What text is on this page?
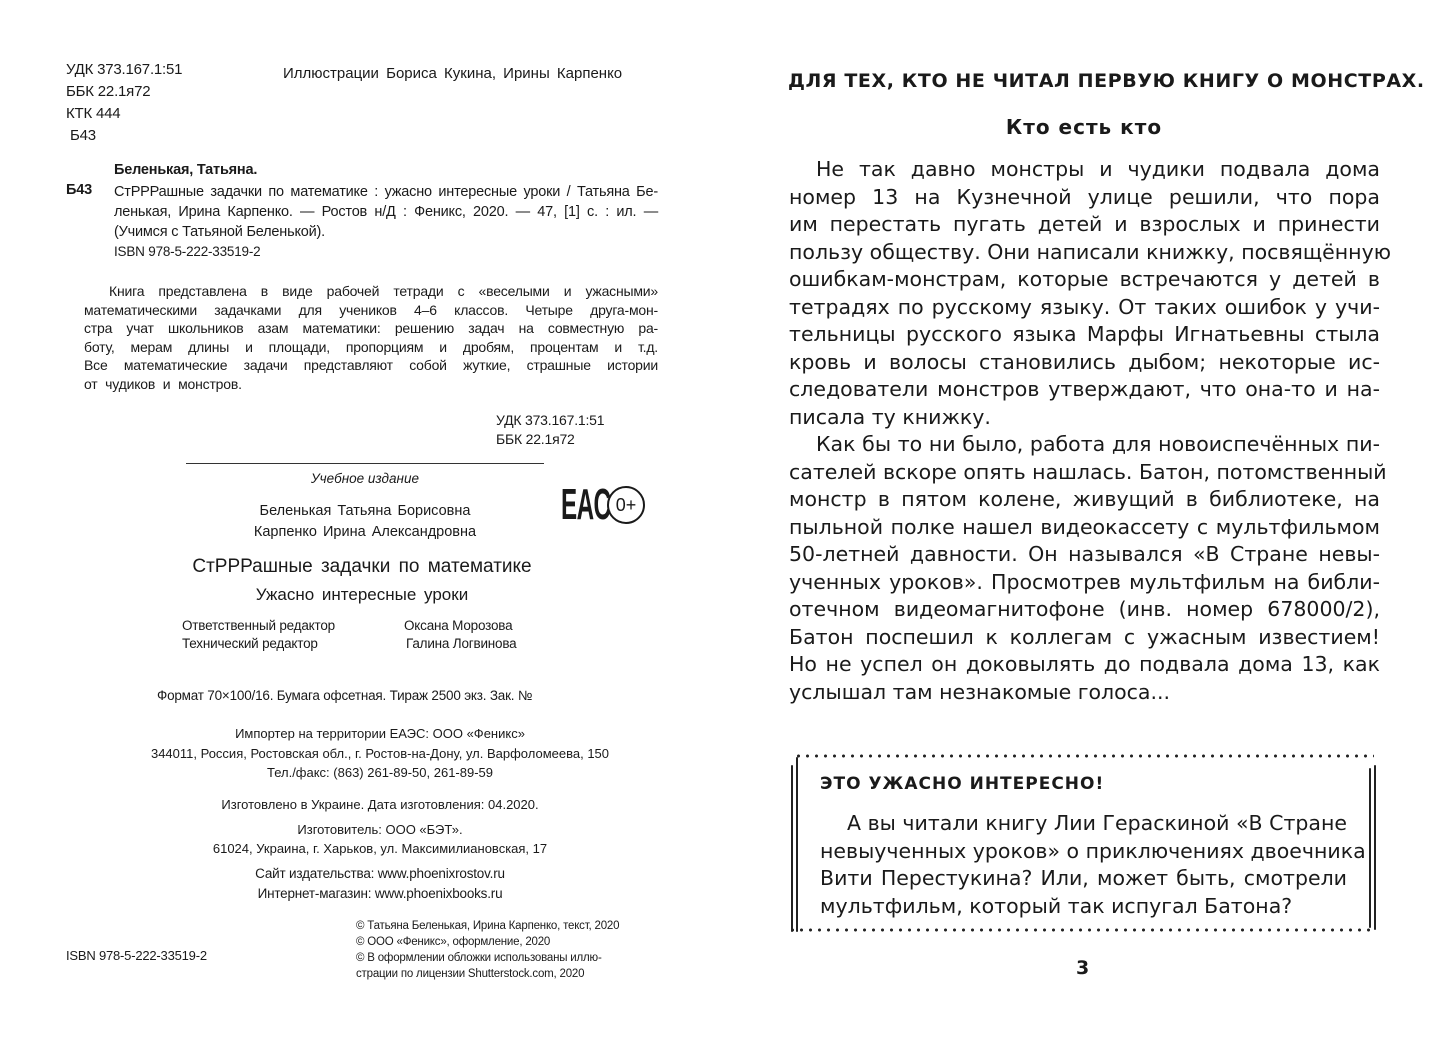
УДК 373.167.1:51
ББК 22.1я72
КТК 444
Б43
Иллюстрации Бориса Кукина, Ирины Карпенко
Беленькая, Татьяна.
Б43 СтРРРашные задачки по математике : ужасно интересные уроки / Татьяна Бе-
ленькая, Ирина Карпенко. — Ростов н/Д : Феникс, 2020. — 47, [1] с. : ил. —
(Учимся с Татьяной Беленькой).
ISBN 978-5-222-33519-2
Книга представлена в виде рабочей тетради с «веселыми и ужасными»
математическими задачками для учеников 4–6 классов. Четыре друга-мон-
стра учат школьников азам математики: решению задач на совместную ра-
боту, мерам длины и площади, пропорциям и дробям, процентам и т.д.
Все математические задачи представляют собой жуткие, страшные истории
от чудиков и монстров.
УДК 373.167.1:51
ББК 22.1я72
Учебное издание
Беленькая Татьяна Борисовна
Карпенко Ирина Александровна
EAC 0+
СтРРРашные задачки по математике
Ужасно интересные уроки
Ответственный редактор
Технический редактор
Оксана Морозова
Галина Логвинова
Формат 70×100/16. Бумага офсетная. Тираж 2500 экз. Зак. №
Импортер на территории ЕАЭС: ООО «Феникс»
344011, Россия, Ростовская обл., г. Ростов-на-Дону, ул. Варфоломеева, 150
Тел./факс: (863) 261-89-50, 261-89-59
Изготовлено в Украине. Дата изготовления: 04.2020.
Изготовитель: ООО «БЭТ».
61024, Украина, г. Харьков, ул. Максимилиановская, 17
Сайт издательства: www.phoenixrostov.ru
Интернет-магазин: www.phoenixbooks.ru
ISBN 978-5-222-33519-2
© Татьяна Беленькая, Ирина Карпенко, текст, 2020
© ООО «Феникс», оформление, 2020
© В оформлении обложки использованы иллю-
страции по лицензии Shutterstock.com, 2020
ДЛЯ ТЕХ, КТО НЕ ЧИТАЛ ПЕРВУЮ КНИГУ О МОНСТРАХ.
Кто есть кто
Не так давно монстры и чудики подвала дома
номер 13 на Кузнечной улице решили, что пора
им перестать пугать детей и взрослых и принести
пользу обществу. Они написали книжку, посвящённую
ошибкам-монстрам, которые встречаются у детей в
тетрадях по русскому языку. От таких ошибок у учи-
тельницы русского языка Марфы Игнатьевны стыла
кровь и волосы становились дыбом; некоторые ис-
следователи монстров утверждают, что она-то и на-
писала ту книжку.
Как бы то ни было, работа для новоиспечённых пи-
сателей вскоре опять нашлась. Батон, потомственный
монстр в пятом колене, живущий в библиотеке, на
пыльной полке нашел видеокассету с мультфильмом
50-летней давности. Он назывался «В Стране невы-
ученных уроков». Просмотрев мультфильм на библи-
отечном видеомагнитофоне (инв. номер 678000/2),
Батон поспешил к коллегам с ужасным известием!
Но не успел он доковылять до подвала дома 13, как
услышал там незнакомые голоса...
ЭТО УЖАСНО ИНТЕРЕСНО!
А вы читали книгу Лии Гераскиной «В Стране
невыученных уроков» о приключениях двоечника
Вити Перестукина? Или, может быть, смотрели
мультфильм, который так испугал Батона?
3
